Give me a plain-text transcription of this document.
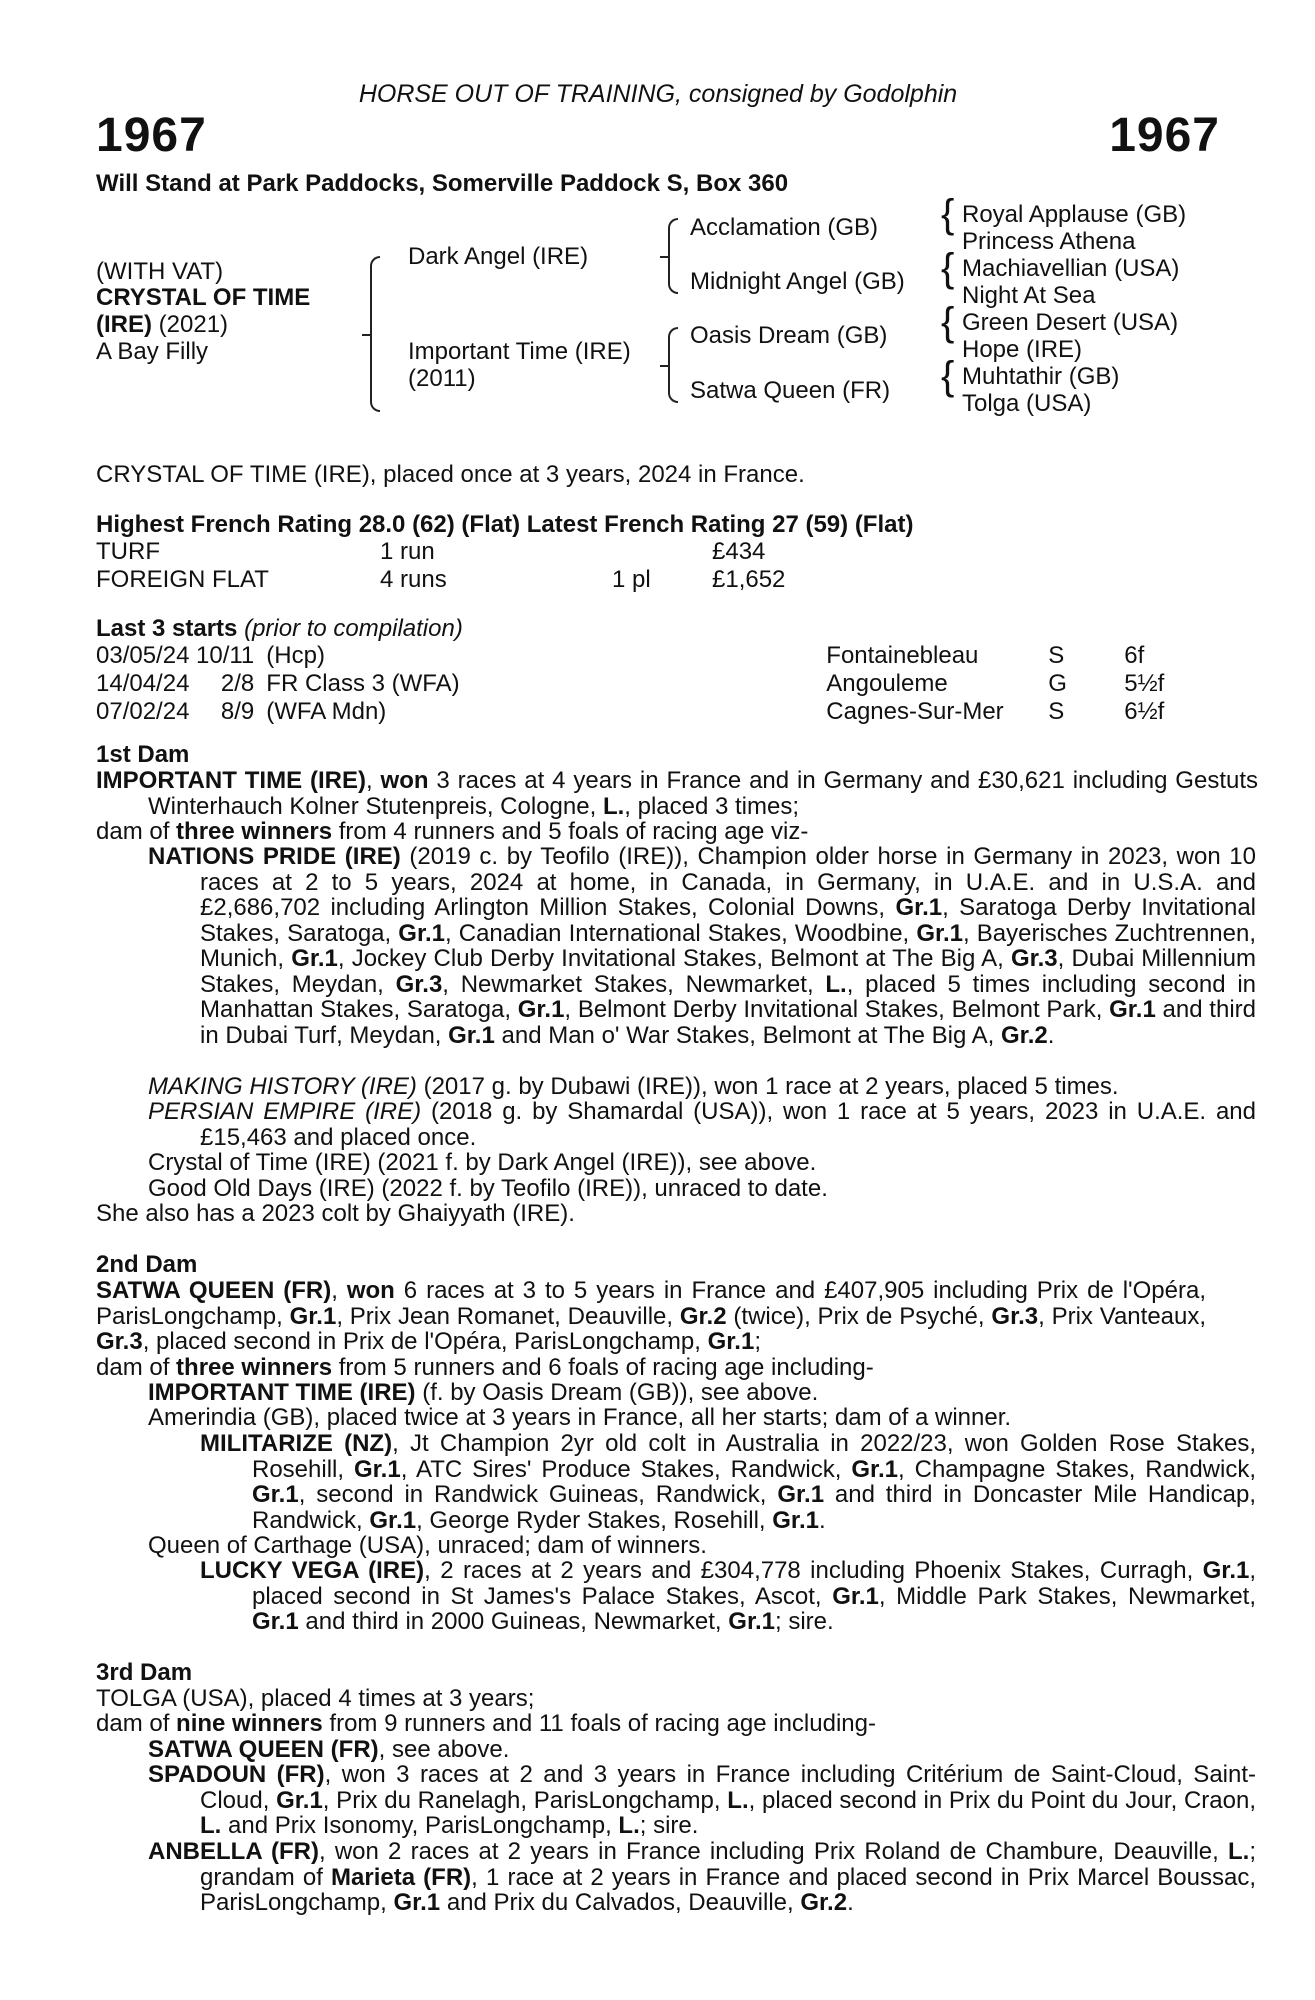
HORSE OUT OF TRAINING, consigned by Godolphin
1967	1967
Will Stand at Park Paddocks, Somerville Paddock S, Box 360
(WITH VAT)
CRYSTAL OF TIME
(IRE) (2021)
A Bay Filly
Dark Angel (IRE)
Important Time (IRE)
(2011)
Acclamation (GB)
Midnight Angel (GB)
Oasis Dream (GB)
Satwa Queen (FR)
{
{
{
{
Royal Applause (GB)
Princess Athena
Machiavellian (USA)
Night At Sea
Green Desert (USA)
Hope (IRE)
Muhtathir (GB)
Tolga (USA)
CRYSTAL OF TIME (IRE), placed once at 3 years, 2024 in France.
Highest French Rating 28.0 (62) (Flat) Latest French Rating 27 (59) (Flat)
TURF	1 run		£434
FOREIGN FLAT	4 runs	1 pl	£1,652
Last 3 starts (prior to compilation)
03/05/24	10/11	(Hcp)	Fontainebleau	S	6f
14/04/24	2/8	FR Class 3 (WFA)	Angouleme	G	5½f
07/02/24	8/9	(WFA Mdn)	Cagnes-Sur-Mer	S	6½f
1st Dam
IMPORTANT TIME (IRE), won 3 races at 4 years in France and in Germany and £30,621 including Gestuts Winterhauch Kolner Stutenpreis, Cologne, L., placed 3 times;
dam of three winners from 4 runners and 5 foals of racing age viz-
NATIONS PRIDE (IRE) (2019 c. by Teofilo (IRE)), Champion older horse in Germany in 2023, won 10 races at 2 to 5 years, 2024 at home, in Canada, in Germany, in U.A.E. and in U.S.A. and £2,686,702 including Arlington Million Stakes, Colonial Downs, Gr.1, Saratoga Derby Invitational Stakes, Saratoga, Gr.1, Canadian International Stakes, Woodbine, Gr.1, Bayerisches Zuchtrennen, Munich, Gr.1, Jockey Club Derby Invitational Stakes, Belmont at The Big A, Gr.3, Dubai Millennium Stakes, Meydan, Gr.3, Newmarket Stakes, Newmarket, L., placed 5 times including second in Manhattan Stakes, Saratoga, Gr.1, Belmont Derby Invitational Stakes, Belmont Park, Gr.1 and third in Dubai Turf, Meydan, Gr.1 and Man o' War Stakes, Belmont at The Big A, Gr.2.
MAKING HISTORY (IRE) (2017 g. by Dubawi (IRE)), won 1 race at 2 years, placed 5 times.
PERSIAN EMPIRE (IRE) (2018 g. by Shamardal (USA)), won 1 race at 5 years, 2023 in U.A.E. and £15,463 and placed once.
Crystal of Time (IRE) (2021 f. by Dark Angel (IRE)), see above.
Good Old Days (IRE) (2022 f. by Teofilo (IRE)), unraced to date.
She also has a 2023 colt by Ghaiyyath (IRE).
2nd Dam
SATWA QUEEN (FR), won 6 races at 3 to 5 years in France and £407,905 including Prix de l'Opéra, ParisLongchamp, Gr.1, Prix Jean Romanet, Deauville, Gr.2 (twice), Prix de Psyché, Gr.3, Prix Vanteaux, Gr.3, placed second in Prix de l'Opéra, ParisLongchamp, Gr.1;
dam of three winners from 5 runners and 6 foals of racing age including-
IMPORTANT TIME (IRE) (f. by Oasis Dream (GB)), see above.
Amerindia (GB), placed twice at 3 years in France, all her starts; dam of a winner.
MILITARIZE (NZ), Jt Champion 2yr old colt in Australia in 2022/23, won Golden Rose Stakes, Rosehill, Gr.1, ATC Sires' Produce Stakes, Randwick, Gr.1, Champagne Stakes, Randwick, Gr.1, second in Randwick Guineas, Randwick, Gr.1 and third in Doncaster Mile Handicap, Randwick, Gr.1, George Ryder Stakes, Rosehill, Gr.1.
Queen of Carthage (USA), unraced; dam of winners.
LUCKY VEGA (IRE), 2 races at 2 years and £304,778 including Phoenix Stakes, Curragh, Gr.1, placed second in St James's Palace Stakes, Ascot, Gr.1, Middle Park Stakes, Newmarket, Gr.1 and third in 2000 Guineas, Newmarket, Gr.1; sire.
3rd Dam
TOLGA (USA), placed 4 times at 3 years;
dam of nine winners from 9 runners and 11 foals of racing age including-
SATWA QUEEN (FR), see above.
SPADOUN (FR), won 3 races at 2 and 3 years in France including Critérium de Saint-Cloud, Saint-Cloud, Gr.1, Prix du Ranelagh, ParisLongchamp, L., placed second in Prix du Point du Jour, Craon, L. and Prix Isonomy, ParisLongchamp, L.; sire.
ANBELLA (FR), won 2 races at 2 years in France including Prix Roland de Chambure, Deauville, L.; grandam of Marieta (FR), 1 race at 2 years in France and placed second in Prix Marcel Boussac, ParisLongchamp, Gr.1 and Prix du Calvados, Deauville, Gr.2.
